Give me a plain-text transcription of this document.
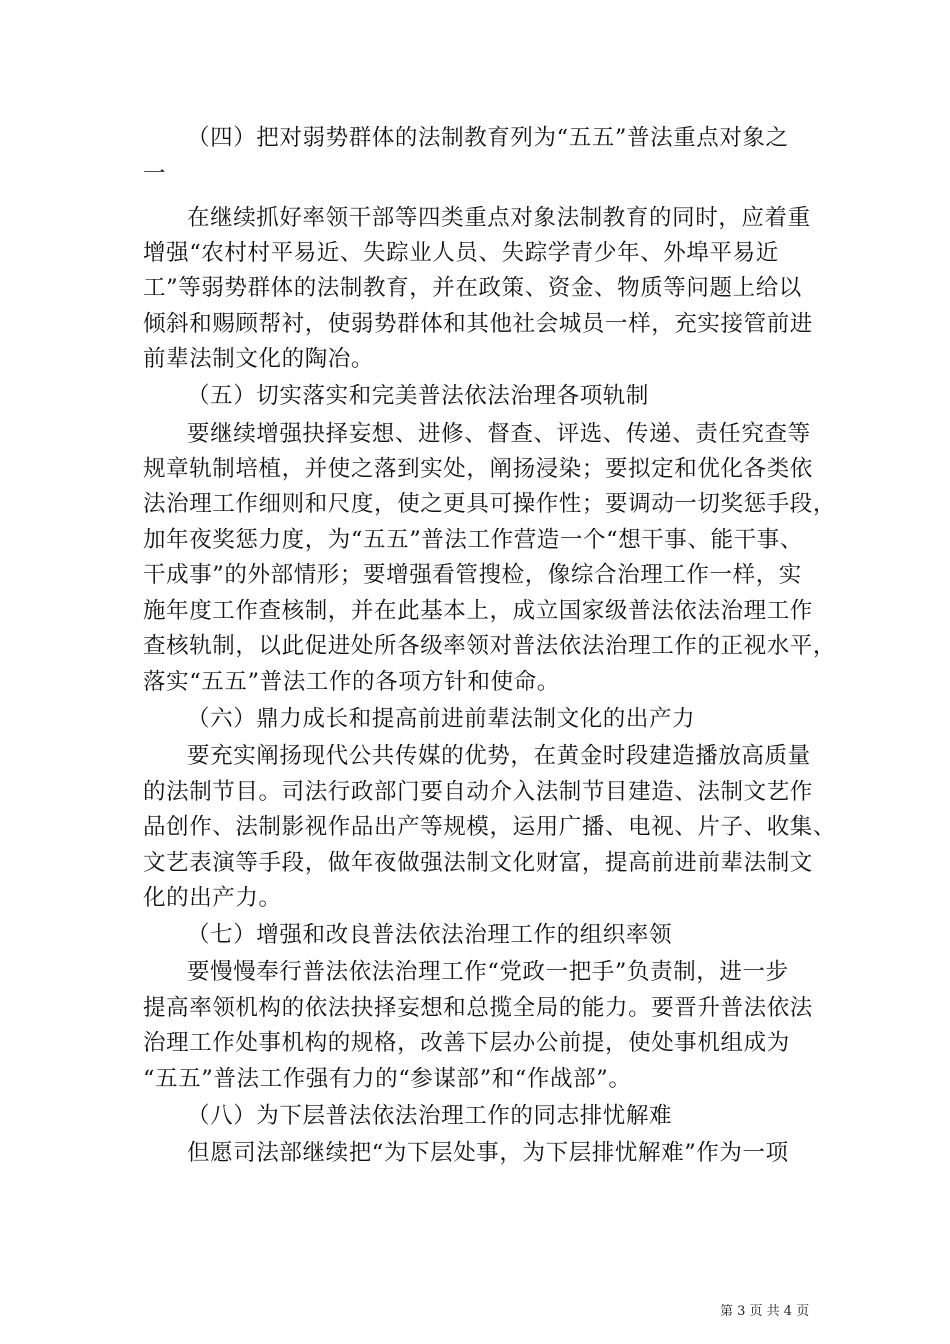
（四）把对弱势群体的法制教育列为“五五”普法重点对象之
一
在继续抓好率领干部等四类重点对象法制教育的同时，应着重
增强“农村村平易近、失踪业人员、失踪学青少年、外埠平易近
工”等弱势群体的法制教育，并在政策、资金、物质等问题上给以
倾斜和赐顾帮衬，使弱势群体和其他社会城员一样，充实接管前进
前辈法制文化的陶冶。
（五）切实落实和完美普法依法治理各项轨制
要继续增强抉择妄想、进修、督查、评选、传递、责任究查等
规章轨制培植，并使之落到实处，阐扬浸染；要拟定和优化各类依
法治理工作细则和尺度，使之更具可操作性；要调动一切奖惩手段，
加年夜奖惩力度，为“五五”普法工作营造一个“想干事、能干事、
干成事”的外部情形；要增强看管搜检，像综合治理工作一样，实
施年度工作查核制，并在此基本上，成立国家级普法依法治理工作
查核轨制，以此促进处所各级率领对普法依法治理工作的正视水平，
落实“五五”普法工作的各项方针和使命。
（六）鼎力成长和提高前进前辈法制文化的出产力
要充实阐扬现代公共传媒的优势，在黄金时段建造播放高质量
的法制节目。司法行政部门要自动介入法制节目建造、法制文艺作
品创作、法制影视作品出产等规模，运用广播、电视、片子、收集、
文艺表演等手段，做年夜做强法制文化财富，提高前进前辈法制文
化的出产力。
（七）增强和改良普法依法治理工作的组织率领
要慢慢奉行普法依法治理工作“党政一把手”负责制，进一步
提高率领机构的依法抉择妄想和总揽全局的能力。要晋升普法依法
治理工作处事机构的规格，改善下层办公前提，使处事机组成为
“五五”普法工作强有力的“参谋部”和“作战部”。
（八）为下层普法依法治理工作的同志排忧解难
但愿司法部继续把“为下层处事，为下层排忧解难”作为一项
第 3 页 共 4 页
